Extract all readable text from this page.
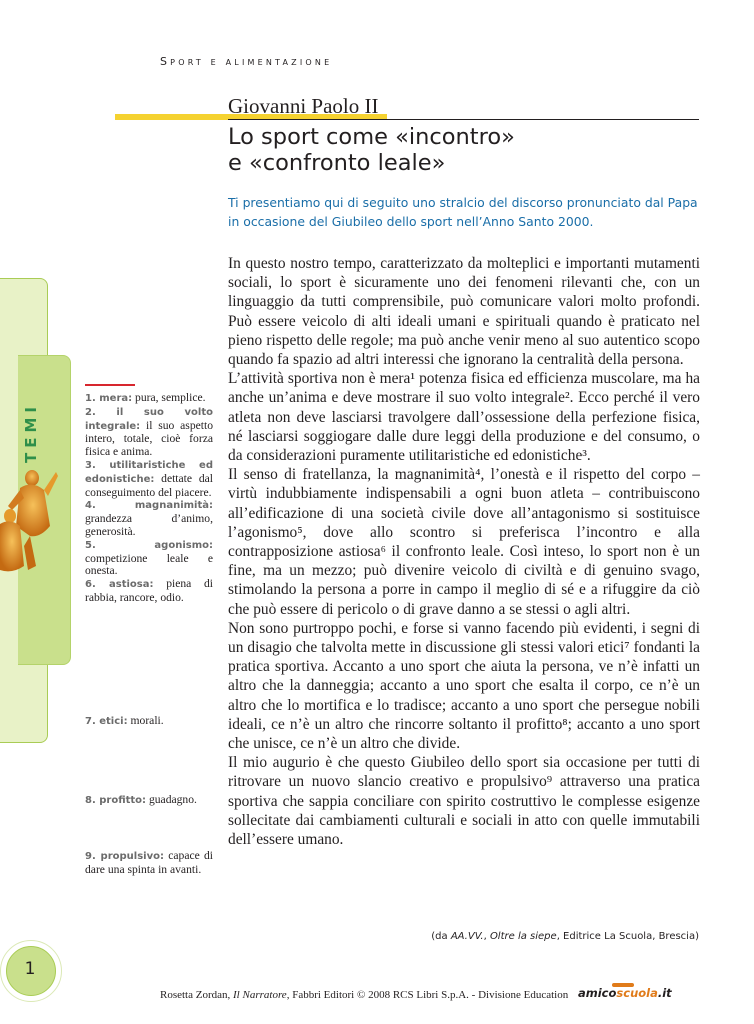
Sport e alimentazione
Giovanni Paolo II
Lo sport come «incontro»
e «confronto leale»
Ti presentiamo qui di seguito uno stralcio del discorso pronunciato dal Papa in occasione del Giubileo dello sport nell’Anno Santo 2000.

In questo nostro tempo, caratterizzato da molteplici e importanti mutamenti sociali, lo sport è sicuramente uno dei fenomeni rilevanti che, con un linguaggio da tutti comprensibile, può comunicare valori molto profondi. Può essere veicolo di alti ideali umani e spirituali quando è praticato nel pieno rispetto delle regole; ma può anche venir meno al suo autentico scopo quando fa spazio ad altri interessi che ignorano la centralità della persona.

L’attività sportiva non è mera¹ potenza fisica ed efficienza muscolare, ma ha anche un’anima e deve mostrare il suo volto integrale². Ecco perché il vero atleta non deve lasciarsi travolgere dall’ossessione della perfezione fisica, né lasciarsi soggiogare dalle dure leggi della produzione e del consumo, o da considerazioni puramente utilitaristiche ed edonistiche³.

Il senso di fratellanza, la magnanimità⁴, l’onestà e il rispetto del corpo – virtù indubbiamente indispensabili a ogni buon atleta – contribuiscono all’edificazione di una società civile dove all’antagonismo si sostituisce l’agonismo⁵, dove allo scontro si preferisca l’incontro e alla contrapposizione astiosa⁶ il confronto leale. Così inteso, lo sport non è un fine, ma un mezzo; può divenire veicolo di civiltà e di genuino svago, stimolando la persona a porre in campo il meglio di sé e a rifuggire da ciò che può essere di pericolo o di grave danno a se stessi o agli altri.

Non sono purtroppo pochi, e forse si vanno facendo più evidenti, i segni di un disagio che talvolta mette in discussione gli stessi valori etici⁷ fondanti la pratica sportiva. Accanto a uno sport che aiuta la persona, ve n’è infatti un altro che la danneggia; accanto a uno sport che esalta il corpo, ce n’è un altro che lo mortifica e lo tradisce; accanto a uno sport che persegue nobili ideali, ce n’è un altro che rincorre soltanto il profitto⁸; accanto a uno sport che unisce, ce n’è un altro che divide.

Il mio augurio è che questo Giubileo dello sport sia occasione per tutti di ritrovare un nuovo slancio creativo e propulsivo⁹ attraverso una pratica sportiva che sappia conciliare con spirito costruttivo le complesse esigenze sollecitate dai cambiamenti culturali e sociali in atto con quelle immutabili dell’essere umano.

(da AA.VV., Oltre la siepe, Editrice La Scuola, Brescia)
TEMI

1. mera: pura, semplice.

2. il suo volto integrale: il suo aspetto intero, totale, cioè forza fisica e anima.

3. utilitaristiche ed edonistiche: dettate dal conseguimento del piacere.

4. magnanimità: grandezza d’animo, generosità.

5. agonismo: competizione leale e onesta.

6. astiosa: piena di rabbia, rancore, odio.

7. etici: morali.

8. profitto: guadagno.

9. propulsivo: capace di dare una spinta in avanti.

1
Rosetta Zordan, Il Narratore, Fabbri Editori © 2008 RCS Libri S.p.A. - Divisione Education amicoscuola.it
